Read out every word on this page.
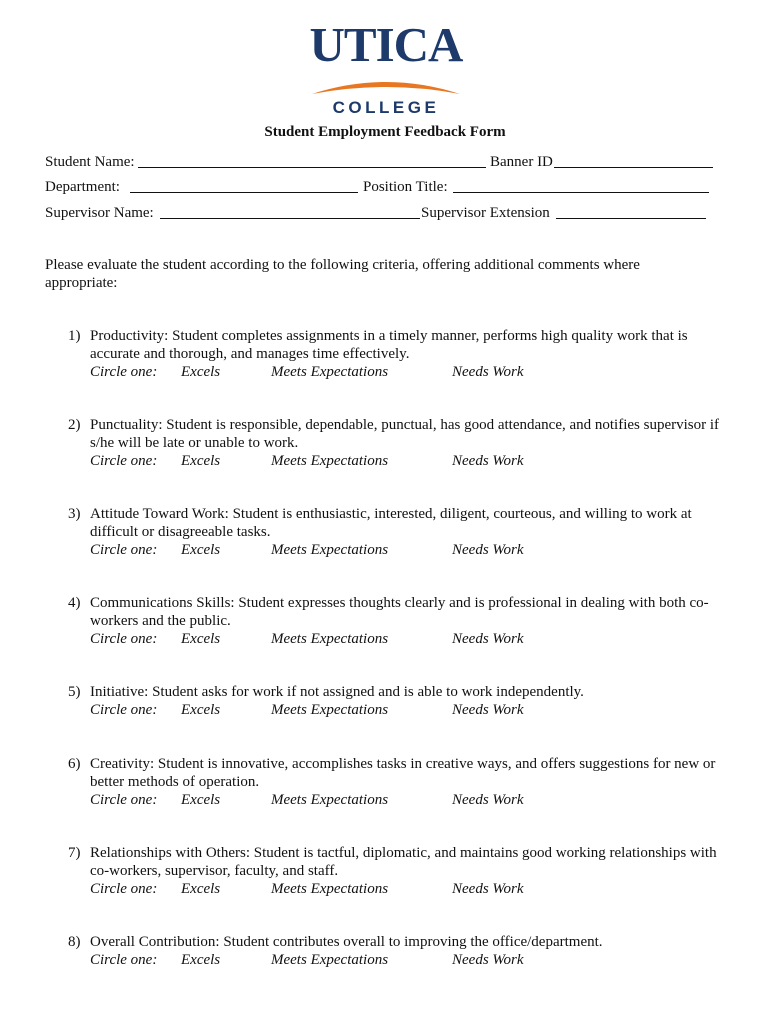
UTICA
COLLEGE
Student Employment Feedback Form
Student Name:	Banner ID
Department:	Position Title:
Supervisor Name:	Supervisor Extension
Please evaluate the student according to the following criteria, offering additional comments where appropriate:
1) Productivity: Student completes assignments in a timely manner, performs high quality work that is accurate and thorough, and manages time effectively.
Circle one: Excels	Meets Expectations	Needs Work
2) Punctuality: Student is responsible, dependable, punctual, has good attendance, and notifies supervisor if s/he will be late or unable to work.
Circle one: Excels	Meets Expectations	Needs Work
3) Attitude Toward Work: Student is enthusiastic, interested, diligent, courteous, and willing to work at difficult or disagreeable tasks.
Circle one: Excels	Meets Expectations	Needs Work
4) Communications Skills: Student expresses thoughts clearly and is professional in dealing with both co-workers and the public.
Circle one: Excels	Meets Expectations	Needs Work
5) Initiative: Student asks for work if not assigned and is able to work independently.
Circle one: Excels	Meets Expectations	Needs Work
6) Creativity: Student is innovative, accomplishes tasks in creative ways, and offers suggestions for new or better methods of operation.
Circle one: Excels	Meets Expectations	Needs Work
7) Relationships with Others: Student is tactful, diplomatic, and maintains good working relationships with co-workers, supervisor, faculty, and staff.
Circle one: Excels	Meets Expectations	Needs Work
8) Overall Contribution: Student contributes overall to improving the office/department.
Circle one: Excels	Meets Expectations	Needs Work
